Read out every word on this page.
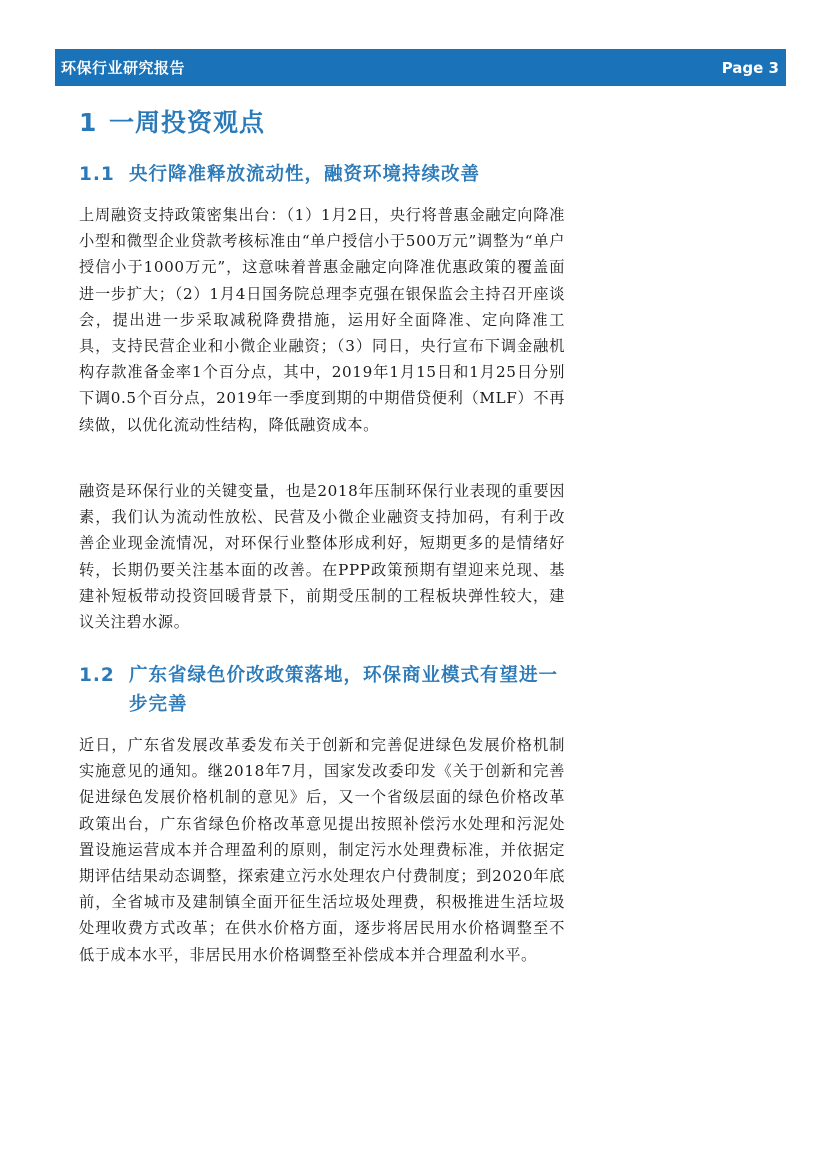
环保行业研究报告	Page 3
1 一周投资观点
1.1 央行降准释放流动性，融资环境持续改善

上周融资支持政策密集出台：（1）1月2日，央行将普惠金融定向降准小型和微型企业贷款考核标准由“单户授信小于500万元”调整为“单户授信小于1000万元”，这意味着普惠金融定向降准优惠政策的覆盖面进一步扩大；（2）1月4日国务院总理李克强在银保监会主持召开座谈会，提出进一步采取减税降费措施，运用好全面降准、定向降准工具，支持民营企业和小微企业融资；（3）同日，央行宣布下调金融机构存款准备金率1个百分点，其中，2019年1月15日和1月25日分别下调0.5个百分点，2019年一季度到期的中期借贷便利（MLF）不再续做，以优化流动性结构，降低融资成本。

融资是环保行业的关键变量，也是2018年压制环保行业表现的重要因素，我们认为流动性放松、民营及小微企业融资支持加码，有利于改善企业现金流情况，对环保行业整体形成利好，短期更多的是情绪好转，长期仍要关注基本面的改善。在PPP政策预期有望迎来兑现、基建补短板带动投资回暖背景下，前期受压制的工程板块弹性较大，建议关注碧水源。

1.2 广东省绿色价改政策落地，环保商业模式有望进一步完善

近日，广东省发展改革委发布关于创新和完善促进绿色发展价格机制实施意见的通知。继2018年7月，国家发改委印发《关于创新和完善促进绿色发展价格机制的意见》后，又一个省级层面的绿色价格改革政策出台，广东省绿色价格改革意见提出按照补偿污水处理和污泥处置设施运营成本并合理盈利的原则，制定污水处理费标准，并依据定期评估结果动态调整，探索建立污水处理农户付费制度；到2020年底前，全省城市及建制镇全面开征生活垃圾处理费，积极推进生活垃圾处理收费方式改革；在供水价格方面，逐步将居民用水价格调整至不低于成本水平，非居民用水价格调整至补偿成本并合理盈利水平。
